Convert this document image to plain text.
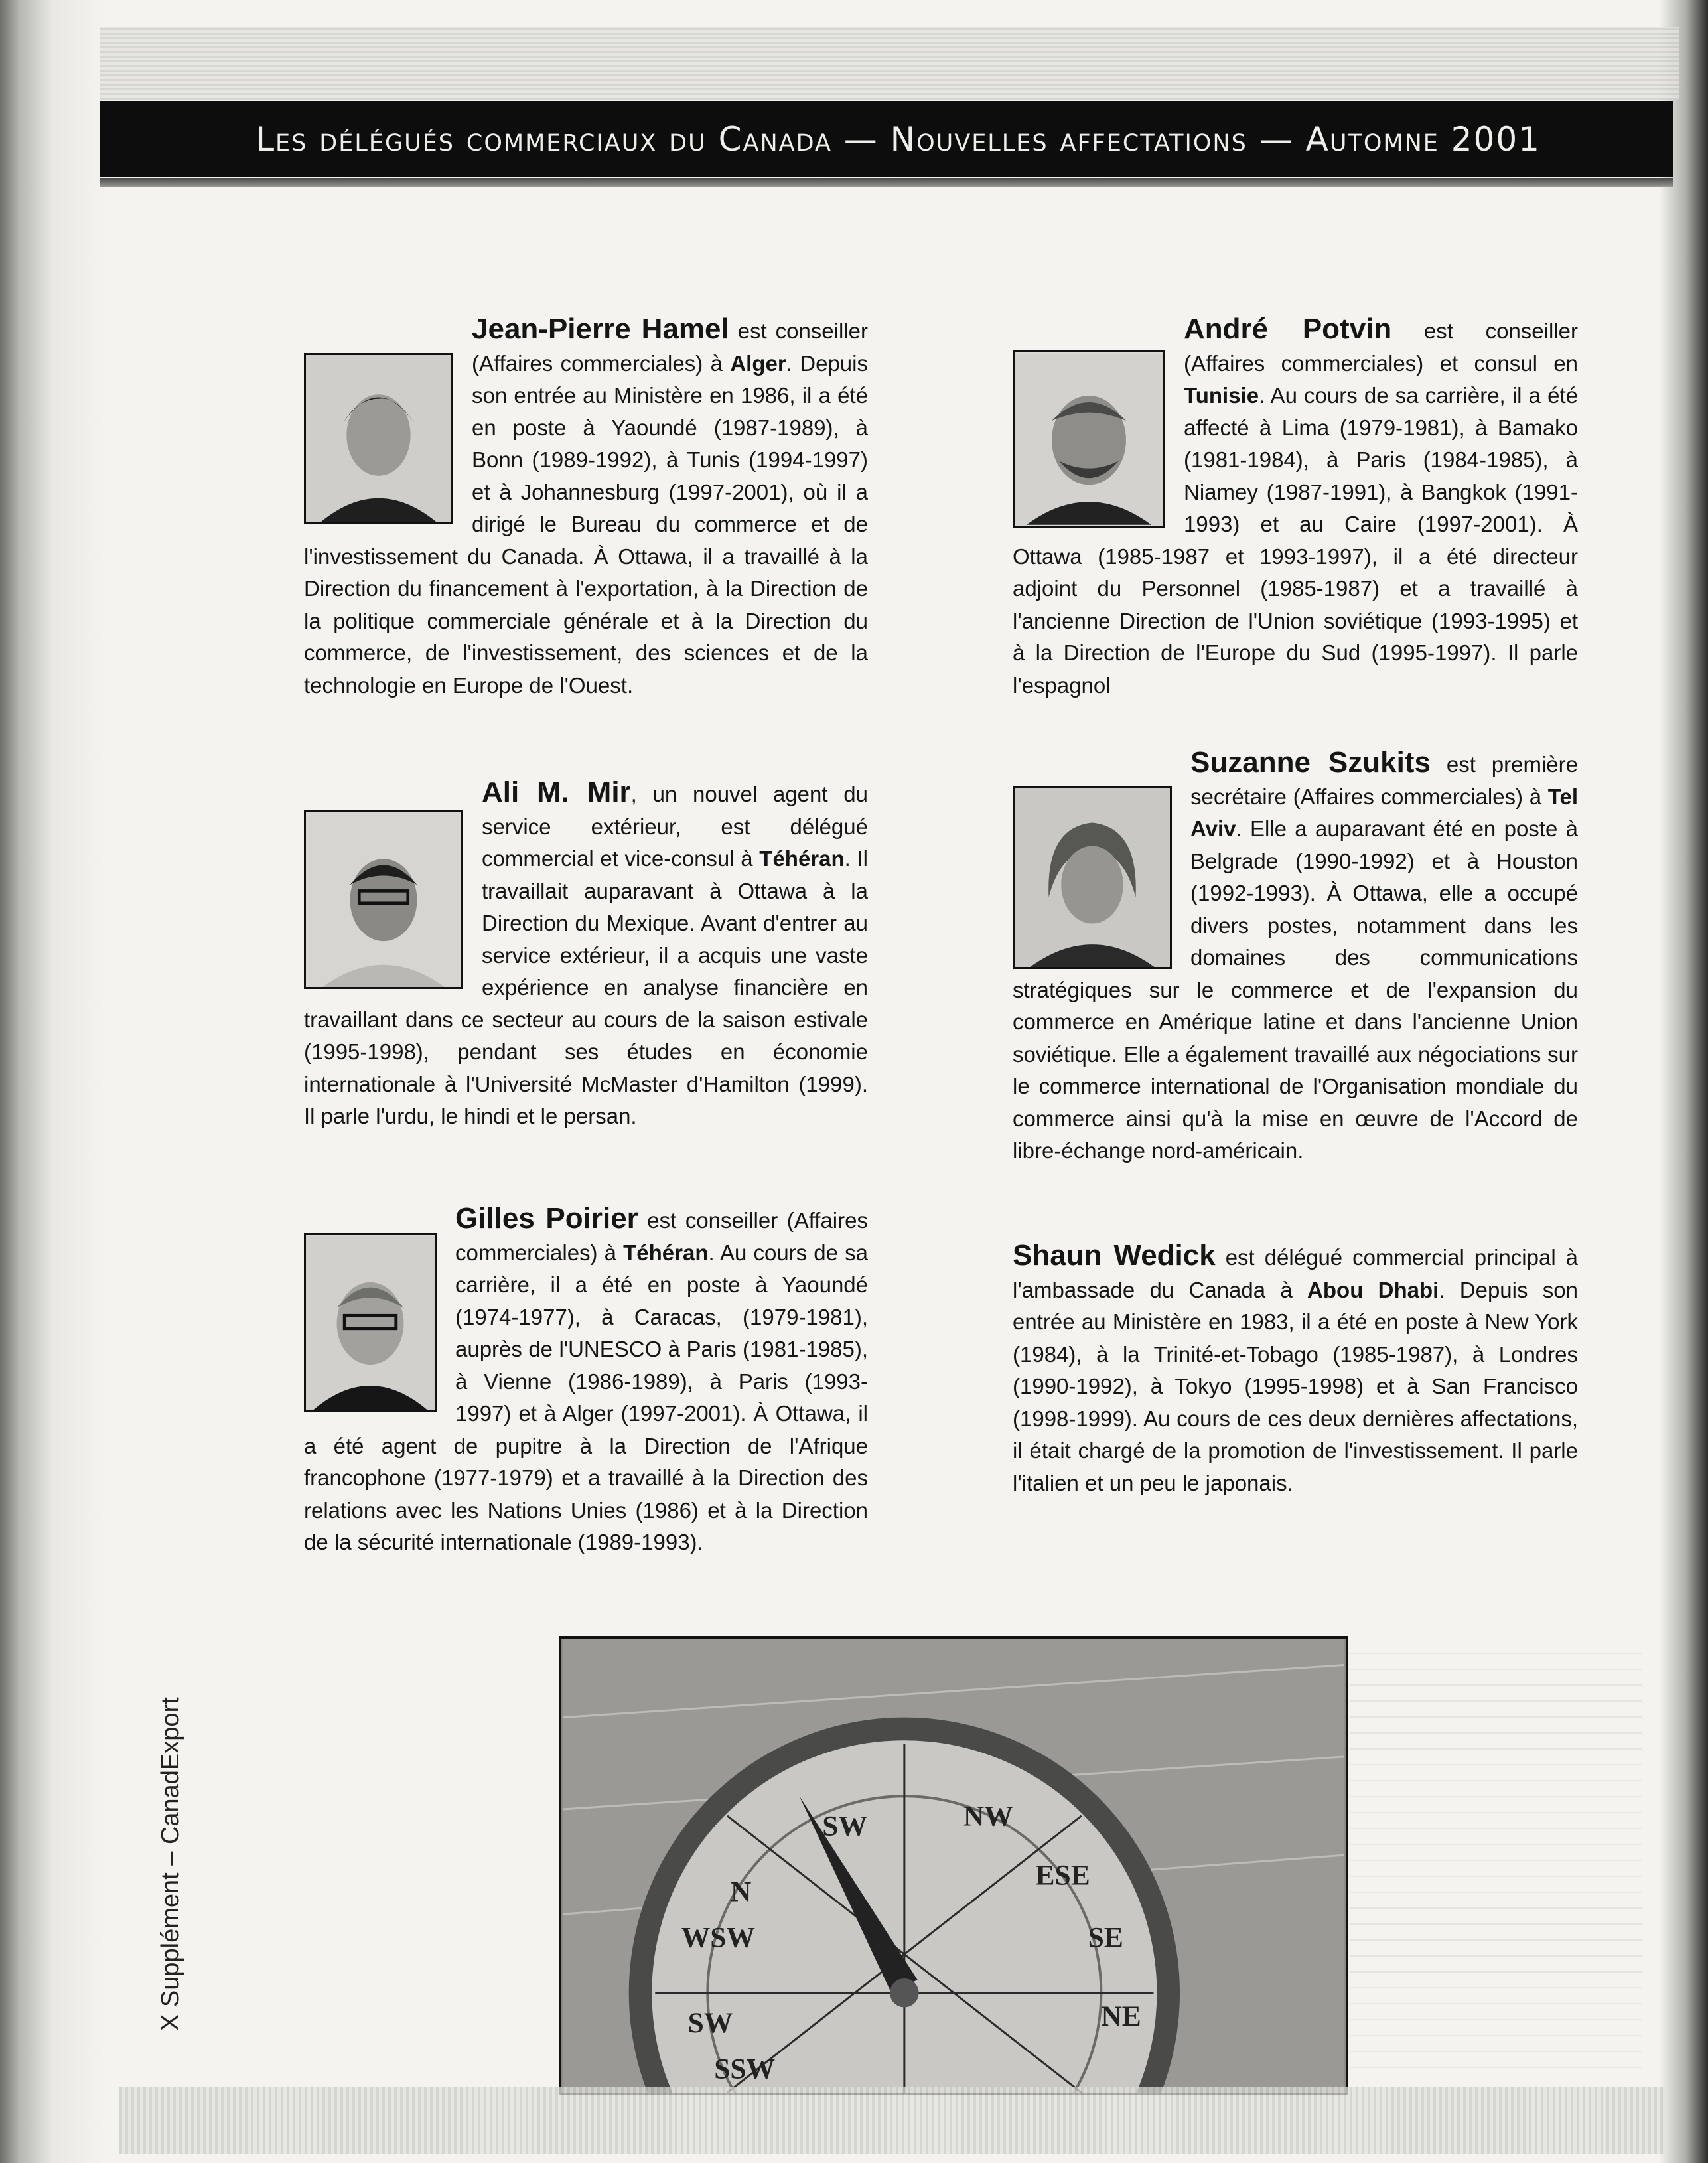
Les délégués commerciaux du Canada — Nouvelles affectations — Automne 2001
Jean-Pierre Hamel est conseiller (Affaires commerciales) à Alger. Depuis son entrée au Ministère en 1986, il a été en poste à Yaoundé (1987-1989), à Bonn (1989-1992), à Tunis (1994-1997) et à Johannesburg (1997-2001), où il a dirigé le Bureau du commerce et de l'investissement du Canada. À Ottawa, il a travaillé à la Direction du financement à l'exportation, à la Direction de la politique commerciale générale et à la Direction du commerce, de l'investissement, des sciences et de la technologie en Europe de l'Ouest.
André Potvin est conseiller (Affaires commerciales) et consul en Tunisie. Au cours de sa carrière, il a été affecté à Lima (1979-1981), à Bamako (1981-1984), à Paris (1984-1985), à Niamey (1987-1991), à Bangkok (1991-1993) et au Caire (1997-2001). À Ottawa (1985-1987 et 1993-1997), il a été directeur adjoint du Personnel (1985-1987) et a travaillé à l'ancienne Direction de l'Union soviétique (1993-1995) et à la Direction de l'Europe du Sud (1995-1997). Il parle l'espagnol
Ali M. Mir, un nouvel agent du service extérieur, est délégué commercial et vice-consul à Téhéran. Il travaillait auparavant à Ottawa à la Direction du Mexique. Avant d'entrer au service extérieur, il a acquis une vaste expérience en analyse financière en travaillant dans ce secteur au cours de la saison estivale (1995-1998), pendant ses études en économie internationale à l'Université McMaster d'Hamilton (1999). Il parle l'urdu, le hindi et le persan.
Suzanne Szukits est première secrétaire (Affaires commerciales) à Tel Aviv. Elle a auparavant été en poste à Belgrade (1990-1992) et à Houston (1992-1993). À Ottawa, elle a occupé divers postes, notamment dans les domaines des communications stratégiques sur le commerce et de l'expansion du commerce en Amérique latine et dans l'ancienne Union soviétique. Elle a également travaillé aux négociations sur le commerce international de l'Organisation mondiale du commerce ainsi qu'à la mise en œuvre de l'Accord de libre-échange nord-américain.
Gilles Poirier est conseiller (Affaires commerciales) à Téhéran. Au cours de sa carrière, il a été en poste à Yaoundé (1974-1977), à Caracas, (1979-1981), auprès de l'UNESCO à Paris (1981-1985), à Vienne (1986-1989), à Paris (1993-1997) et à Alger (1997-2001). À Ottawa, il a été agent de pupitre à la Direction de l'Afrique francophone (1977-1979) et a travaillé à la Direction des relations avec les Nations Unies (1986) et à la Direction de la sécurité internationale (1989-1993).
Shaun Wedick est délégué commercial principal à l'ambassade du Canada à Abou Dhabi. Depuis son entrée au Ministère en 1983, il a été en poste à New York (1984), à la Trinité-et-Tobago (1985-1987), à Londres (1990-1992), à Tokyo (1995-1998) et à San Francisco (1998-1999). Au cours de ces deux dernières affectations, il était chargé de la promotion de l'investissement. Il parle l'italien et un peu le japonais.
SW	NW
N
ESE
WSW	SE
SW
SSW
NE
X Supplément – CanadExport
